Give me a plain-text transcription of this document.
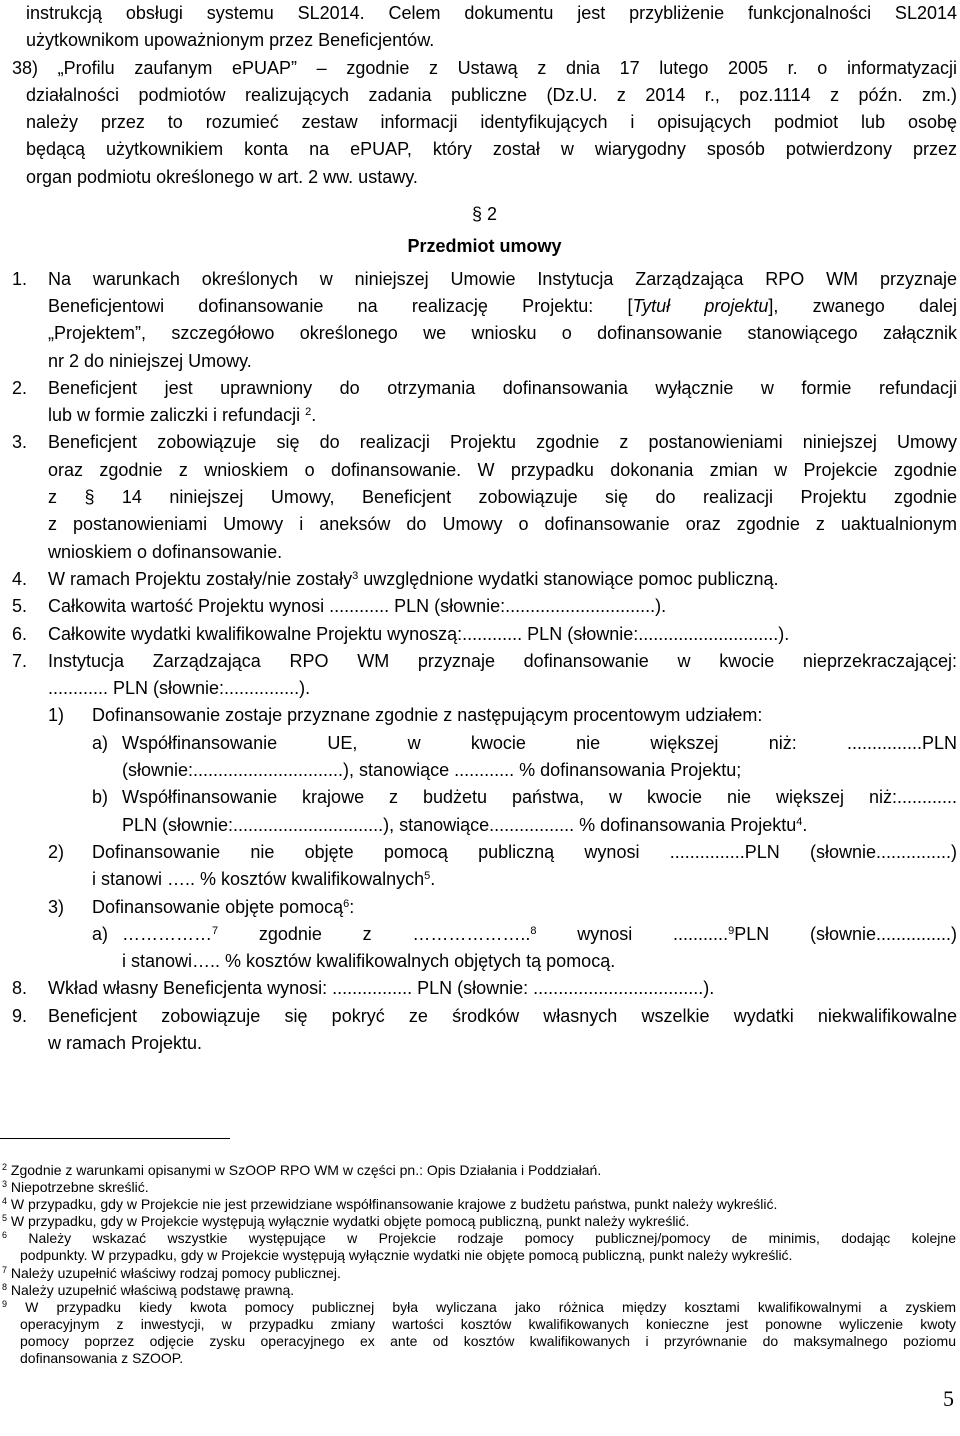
instrukcją obsługi systemu SL2014. Celem dokumentu jest przybliżenie funkcjonalności SL2014
użytkownikom upoważnionym przez Beneficjentów.
38) „Profilu zaufanym ePUAP” – zgodnie z Ustawą z dnia 17 lutego 2005 r. o informatyzacji
działalności podmiotów realizujących zadania publiczne (Dz.U. z 2014 r., poz.1114 z późn. zm.)
należy przez to rozumieć zestaw informacji identyfikujących i opisujących podmiot lub osobę
będącą użytkownikiem konta na ePUAP, który został w wiarygodny sposób potwierdzony przez
organ podmiotu określonego w art. 2 ww. ustawy.
§ 2
Przedmiot umowy
1. Na warunkach określonych w niniejszej Umowie Instytucja Zarządzająca RPO WM przyznaje
Beneficjentowi dofinansowanie na realizację Projektu: [Tytuł projektu], zwanego dalej
„Projektem”, szczegółowo określonego we wniosku o dofinansowanie stanowiącego załącznik
nr 2 do niniejszej Umowy.
2. Beneficjent jest uprawniony do otrzymania dofinansowania wyłącznie w formie refundacji
lub w formie zaliczki i refundacji $^2$.
3. Beneficjent zobowiązuje się do realizacji Projektu zgodnie z postanowieniami niniejszej Umowy
oraz zgodnie z wnioskiem o dofinansowanie. W przypadku dokonania zmian w Projekcie zgodnie
z § 14 niniejszej Umowy, Beneficjent zobowiązuje się do realizacji Projektu zgodnie
z postanowieniami Umowy i aneksów do Umowy o dofinansowanie oraz zgodnie z uaktualnionym
wnioskiem o dofinansowanie.
4. W ramach Projektu zostały/nie zostały$^3$ uwzględnione wydatki stanowiące pomoc publiczną.
5. Całkowita wartość Projektu wynosi ............ PLN (słownie:..............................).
6. Całkowite wydatki kwalifikowalne Projektu wynoszą:............ PLN (słownie:............................).
7. Instytucja Zarządzająca RPO WM przyznaje dofinansowanie w kwocie nieprzekraczającej:
............ PLN (słownie:...............).
1) Dofinansowanie zostaje przyznane zgodnie z następującym procentowym udziałem:
a) Współfinansowanie UE, w kwocie nie większej niż: ...............PLN
(słownie:..............................), stanowiące ............ % dofinansowania Projektu;
b) Współfinansowanie krajowe z budżetu państwa, w kwocie nie większej niż:............
PLN (słownie:..............................), stanowiące................. % dofinansowania Projektu$^4$.
2) Dofinansowanie nie objęte pomocą publiczną wynosi ...............PLN (słownie...............)
i stanowi ….. % kosztów kwalifikowalnych$^5$.
3) Dofinansowanie objęte pomocą$^6$:
a) ……………$^7$ zgodnie z ………………..$^8$ wynosi ...........$^9$PLN (słownie...............)
i stanowi….. % kosztów kwalifikowalnych objętych tą pomocą.
8. Wkład własny Beneficjenta wynosi: ................ PLN (słownie: ..................................).
9. Beneficjent zobowiązuje się pokryć ze środków własnych wszelkie wydatki niekwalifikowalne
w ramach Projektu.
$^2$ Zgodnie z warunkami opisanymi w SzOOP RPO WM w części pn.: Opis Działania i Poddziałań.
$^3$ Niepotrzebne skreślić.
$^4$ W przypadku, gdy w Projekcie nie jest przewidziane współfinansowanie krajowe z budżetu państwa, punkt należy wykreślić.
$^5$ W przypadku, gdy w Projekcie występują wyłącznie wydatki objęte pomocą publiczną, punkt należy wykreślić.
$^6$ Należy wskazać wszystkie występujące w Projekcie rodzaje pomocy publicznej/pomocy de minimis, dodając kolejne
podpunkty. W przypadku, gdy w Projekcie występują wyłącznie wydatki nie objęte pomocą publiczną, punkt należy wykreślić.
$^7$ Należy uzupełnić właściwy rodzaj pomocy publicznej.
$^8$ Należy uzupełnić właściwą podstawę prawną.
$^9$ W przypadku kiedy kwota pomocy publicznej była wyliczana jako różnica między kosztami kwalifikowalnymi a zyskiem
operacyjnym z inwestycji, w przypadku zmiany wartości kosztów kwalifikowanych konieczne jest ponowne wyliczenie kwoty
pomocy poprzez odjęcie zysku operacyjnego ex ante od kosztów kwalifikowanych i przyrównanie do maksymalnego poziomu
dofinansowania z SZOOP.
5
